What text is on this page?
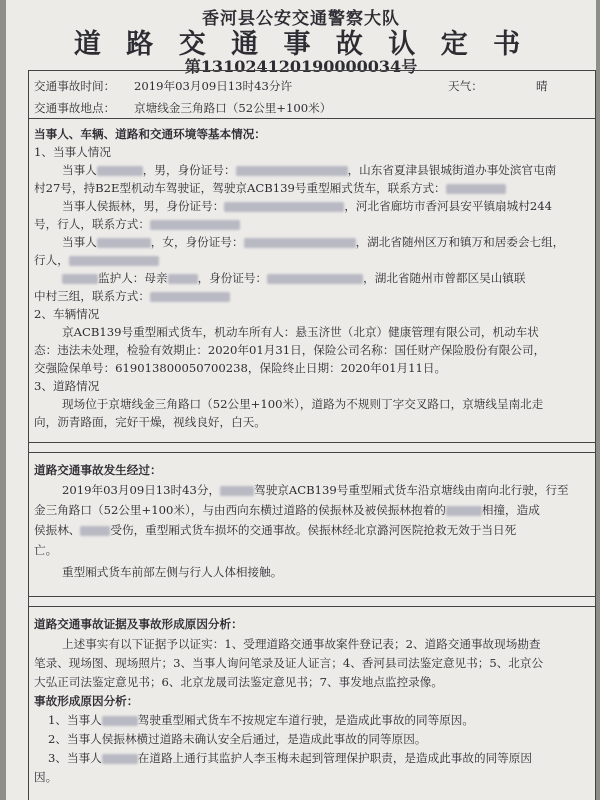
香河县公安交通警察大队
道 路 交 通 事 故 认 定 书
第131024120190000034号
交通事故时间： 2019年03月09日13时43分许	天气：	晴
交通事故地点： 京塘线金三角路口（52公里+100米）
当事人、车辆、道路和交通环境等基本情况：
1、当事人情况
当事人	，男，身份证号：	，山东省夏津县银城街道办事处滨官屯南
村27号，持B2E型机动车驾驶证，驾驶京ACB139号重型厢式货车，联系方式：
当事人侯振林，男，身份证号：	，河北省廊坊市香河县安平镇扇城村244
号，行人，联系方式：
当事人	，女，身份证号：	，湖北省随州区万和镇万和居委会七组，
行人，
监护人：母亲	，身份证号：	，湖北省随州市曾都区吴山镇联
中村三组，联系方式：
2、车辆情况
京ACB139号重型厢式货车，机动车所有人：悬玉济世（北京）健康管理有限公司，机动车状
态：违法未处理，检验有效期止：2020年01月31日，保险公司名称：国任财产保险股份有限公司，
交强险保单号：619013800050700238，保险终止日期：2020年01月11日。
3、道路情况
现场位于京塘线金三角路口（52公里+100米），道路为不规则丁字交叉路口，京塘线呈南北走
向，沥青路面，完好干燥，视线良好，白天。
道路交通事故发生经过：
2019年03月09日13时43分，	驾驶京ACB139号重型厢式货车沿京塘线由南向北行驶，行至
金三角路口（52公里+100米），与由西向东横过道路的侯振林及被侯振林抱着的	相撞，造成
侯振林、	受伤，重型厢式货车损坏的交通事故。侯振林经北京潞河医院抢救无效于当日死
亡。
重型厢式货车前部左侧与行人人体相接触。
道路交通事故证据及事故形成原因分析：
上述事实有以下证据予以证实：1、受理道路交通事故案件登记表；2、道路交通事故现场勘查
笔录、现场图、现场照片；3、当事人询问笔录及证人证言；4、香河县司法鉴定意见书；5、北京公
大弘正司法鉴定意见书；6、北京龙晟司法鉴定意见书；7、事发地点监控录像。
事故形成原因分析：
1、当事人	驾驶重型厢式货车不按规定车道行驶，是造成此事故的同等原因。
2、当事人侯振林横过道路未确认安全后通过，是造成此事故的同等原因。
3、当事人	在道路上通行其监护人李玉梅未起到管理保护职责，是造成此事故的同等原因
因。
